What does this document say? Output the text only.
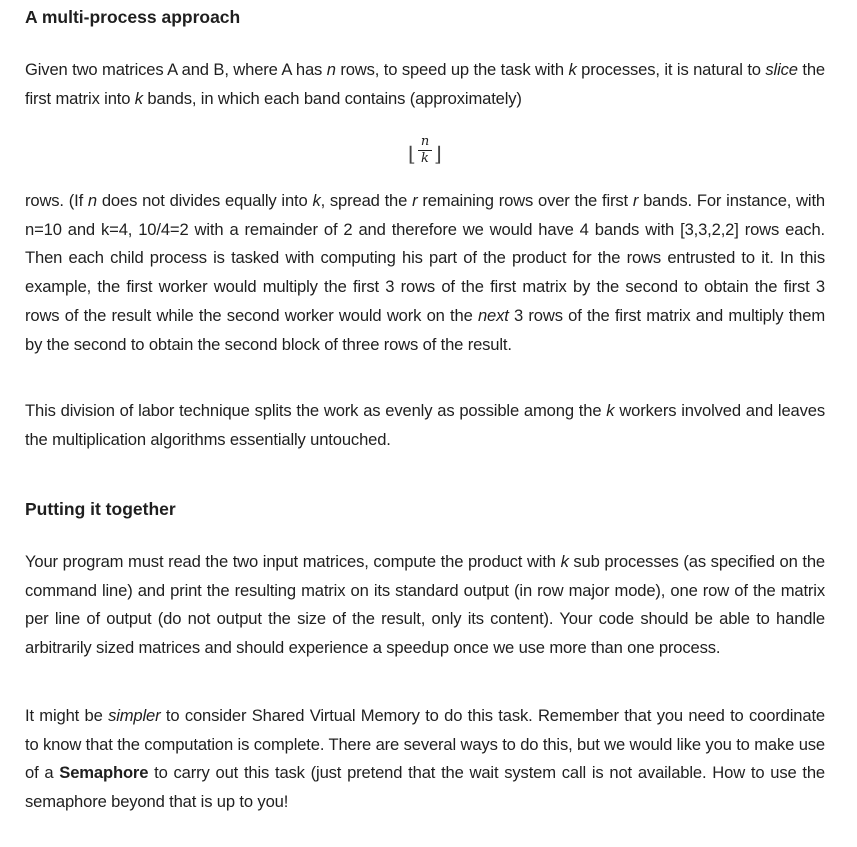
A multi-process approach

Given two matrices A and B, where A has n rows, to speed up the task with k processes, it is natural to slice the first matrix into k bands, in which each band contains (approximately)

rows. (If n does not divides equally into k, spread the r remaining rows over the first r bands. For instance, with n=10 and k=4, 10/4=2 with a remainder of 2 and therefore we would have 4 bands with [3,3,2,2] rows each. Then each child process is tasked with computing his part of the product for the rows entrusted to it. In this example, the first worker would multiply the first 3 rows of the first matrix by the second to obtain the first 3 rows of the result while the second worker would work on the next 3 rows of the first matrix and multiply them by the second to obtain the second block of three rows of the result.

This division of labor technique splits the work as evenly as possible among the k workers involved and leaves the multiplication algorithms essentially untouched.

Putting it together

Your program must read the two input matrices, compute the product with k sub processes (as specified on the command line) and print the resulting matrix on its standard output (in row major mode), one row of the matrix per line of output (do not output the size of the result, only its content). Your code should be able to handle arbitrarily sized matrices and should experience a speedup once we use more than one process.

It might be simpler to consider Shared Virtual Memory to do this task. Remember that you need to coordinate to know that the computation is complete. There are several ways to do this, but we would like you to make use of a Semaphore to carry out this task (just pretend that the wait system call is not available. How to use the semaphore beyond that is up to you!

⌊
n
k ⌋
